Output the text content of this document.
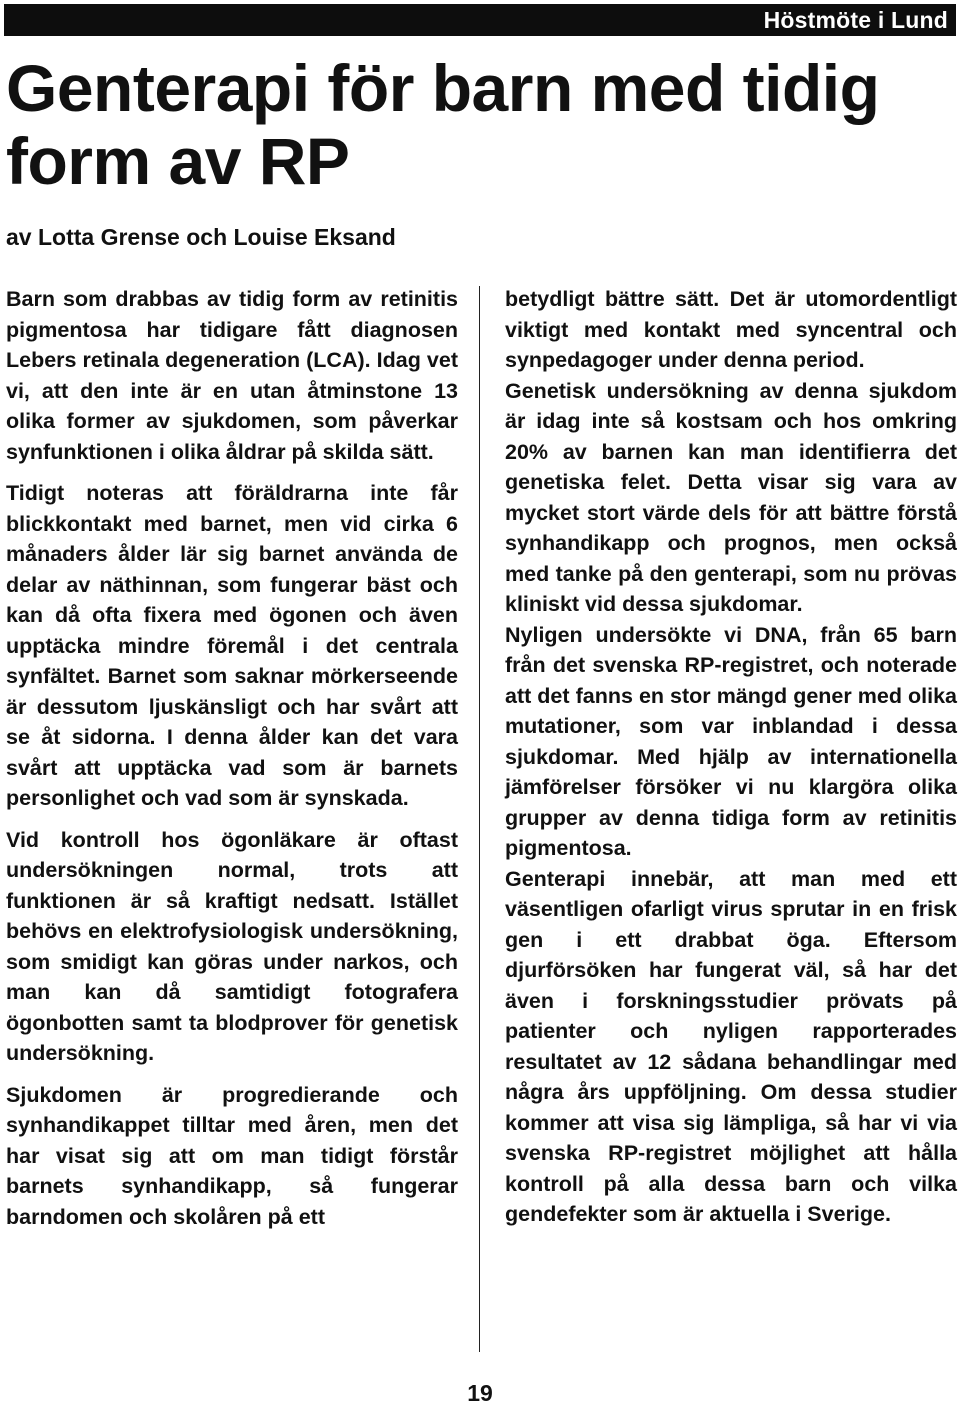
Höstmöte i Lund
Genterapi för barn med tidig form av RP

av Lotta Grense och Louise Eksand

Barn som drabbas av tidig form av retinitis pigmentosa har tidigare fått diagnosen Lebers retinala degeneration (LCA). Idag vet vi, att den inte är en utan åtminstone 13 olika former av sjukdomen, som påverkar synfunktionen i olika åldrar på skilda sätt.

Tidigt noteras att föräldrarna inte får blickkontakt med barnet, men vid cirka 6 månaders ålder lär sig barnet använda de delar av näthinnan, som fungerar bäst och kan då ofta fixera med ögonen och även upptäcka mindre föremål i det centrala synfältet. Barnet som saknar mörkerseende är dessutom ljuskänsligt och har svårt att se åt sidorna. I denna ålder kan det vara svårt att upptäcka vad som är barnets personlighet och vad som är synskada.

Vid kontroll hos ögonläkare är oftast undersökningen normal, trots att funktionen är så kraftigt nedsatt. Istället behövs en elektrofysiologisk undersökning, som smidigt kan göras under narkos, och man kan då samtidigt fotografera ögonbotten samt ta blodprover för genetisk undersökning.

Sjukdomen är progredierande och synhandikappet tilltar med åren, men det har visat sig att om man tidigt förstår barnets synhandikapp, så fungerar barndomen och skolåren på ett

betydligt bättre sätt. Det är utomordentligt viktigt med kontakt med syncentral och synpedagoger under denna period.

Genetisk undersökning av denna sjukdom är idag inte så kostsam och hos omkring 20% av barnen kan man identifierra det genetiska felet. Detta visar sig vara av mycket stort värde dels för att bättre förstå synhandikapp och prognos, men också med tanke på den genterapi, som nu prövas kliniskt vid dessa sjukdomar.

Nyligen undersökte vi DNA, från 65 barn från det svenska RP-registret, och noterade att det fanns en stor mängd gener med olika mutationer, som var inblandad i dessa sjukdomar. Med hjälp av internationella jämförelser försöker vi nu klargöra olika grupper av denna tidiga form av retinitis pigmentosa.

Genterapi innebär, att man med ett väsentligen ofarligt virus sprutar in en frisk gen i ett drabbat öga. Eftersom djurförsöken har fungerat väl, så har det även i forskningsstudier prövats på patienter och nyligen rapporterades resultatet av 12 sådana behandlingar med några års uppföljning. Om dessa studier kommer att visa sig lämpliga, så har vi via svenska RP-registret möjlighet att hålla kontroll på alla dessa barn och vilka gendefekter som är aktuella i Sverige.

19
